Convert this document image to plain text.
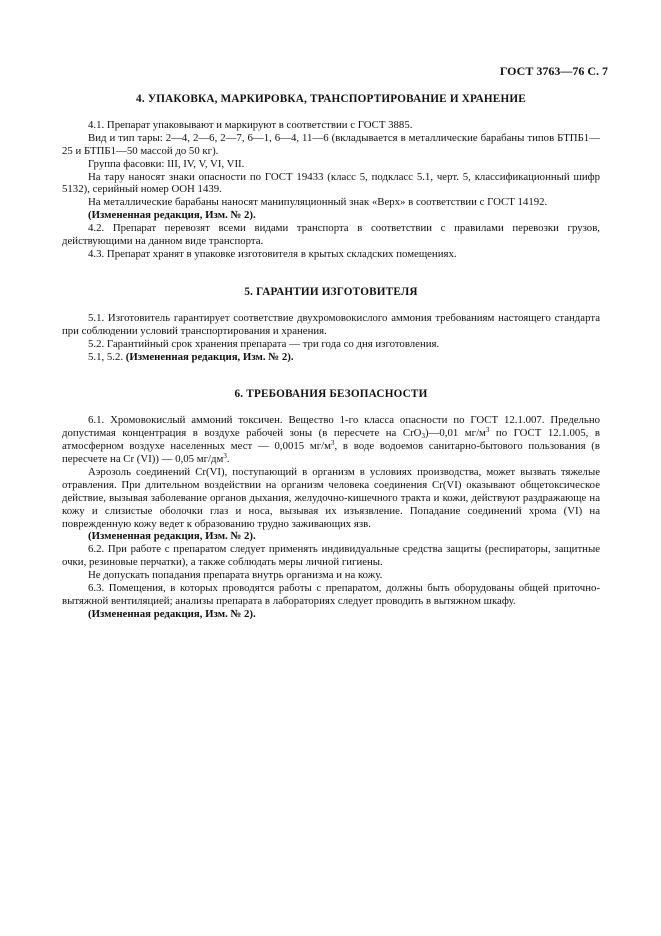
ГОСТ 3763—76 С. 7
4. УПАКОВКА, МАРКИРОВКА, ТРАНСПОРТИРОВАНИЕ И ХРАНЕНИЕ

4.1. Препарат упаковывают и маркируют в соответствии с ГОСТ 3885.

Вид и тип тары: 2—4, 2—6, 2—7, 6—1, 6—4, 11—6 (вкладывается в металлические барабаны типов БТПБ1—25 и БТПБ1—50 массой до 50 кг).

Группа фасовки: III, IV, V, VI, VII.

На тару наносят знаки опасности по ГОСТ 19433 (класс 5, подкласс 5.1, черт. 5, классификационный шифр 5132), серийный номер ООН 1439.

На металлические барабаны наносят манипуляционный знак «Верх» в соответствии с ГОСТ 14192.

(Измененная редакция, Изм. № 2).

4.2. Препарат перевозят всеми видами транспорта в соответствии с правилами перевозки грузов, действующими на данном виде транспорта.

4.3. Препарат хранят в упаковке изготовителя в крытых складских помещениях.

5. ГАРАНТИИ ИЗГОТОВИТЕЛЯ

5.1. Изготовитель гарантирует соответствие двухромовокислого аммония требованиям настоящего стандарта при соблюдении условий транспортирования и хранения.

5.2. Гарантийный срок хранения препарата — три года со дня изготовления.

5.1, 5.2. (Измененная редакция, Изм. № 2).

6. ТРЕБОВАНИЯ БЕЗОПАСНОСТИ

6.1. Хромовокислый аммоний токсичен. Вещество 1-го класса опасности по ГОСТ 12.1.007. Предельно допустимая концентрация в воздухе рабочей зоны (в пересчете на CrO$_3$)—0,01 $мг/м^3$ по ГОСТ 12.1.005, в атмосферном воздухе населенных мест — 0,0015 $мг/м^3$, в воде водоемов санитарно-бытового пользования (в пересчете на Cr (VI)) — 0,05 $мг/дм^3$.

Аэрозоль соединений Cr(VI), поступающий в организм в условиях производства, может вызвать тяжелые отравления. При длительном воздействии на организм человека соединения Cr(VI) оказывают общетоксическое действие, вызывая заболевание органов дыхания, желудочно-кишечного тракта и кожи, действуют раздражающе на кожу и слизистые оболочки глаз и носа, вызывая их изъязвление. Попадание соединений хрома (VI) на поврежденную кожу ведет к образованию трудно заживающих язв.

(Измененная редакция, Изм. № 2).

6.2. При работе с препаратом следует применять индивидуальные средства защиты (респираторы, защитные очки, резиновые перчатки), а также соблюдать меры личной гигиены.

Не допускать попадания препарата внутрь организма и на кожу.

6.3. Помещения, в которых проводятся работы с препаратом, должны быть оборудованы общей приточно-вытяжной вентиляцией; анализы препарата в лабораториях следует проводить в вытяжном шкафу.

(Измененная редакция, Изм. № 2).
